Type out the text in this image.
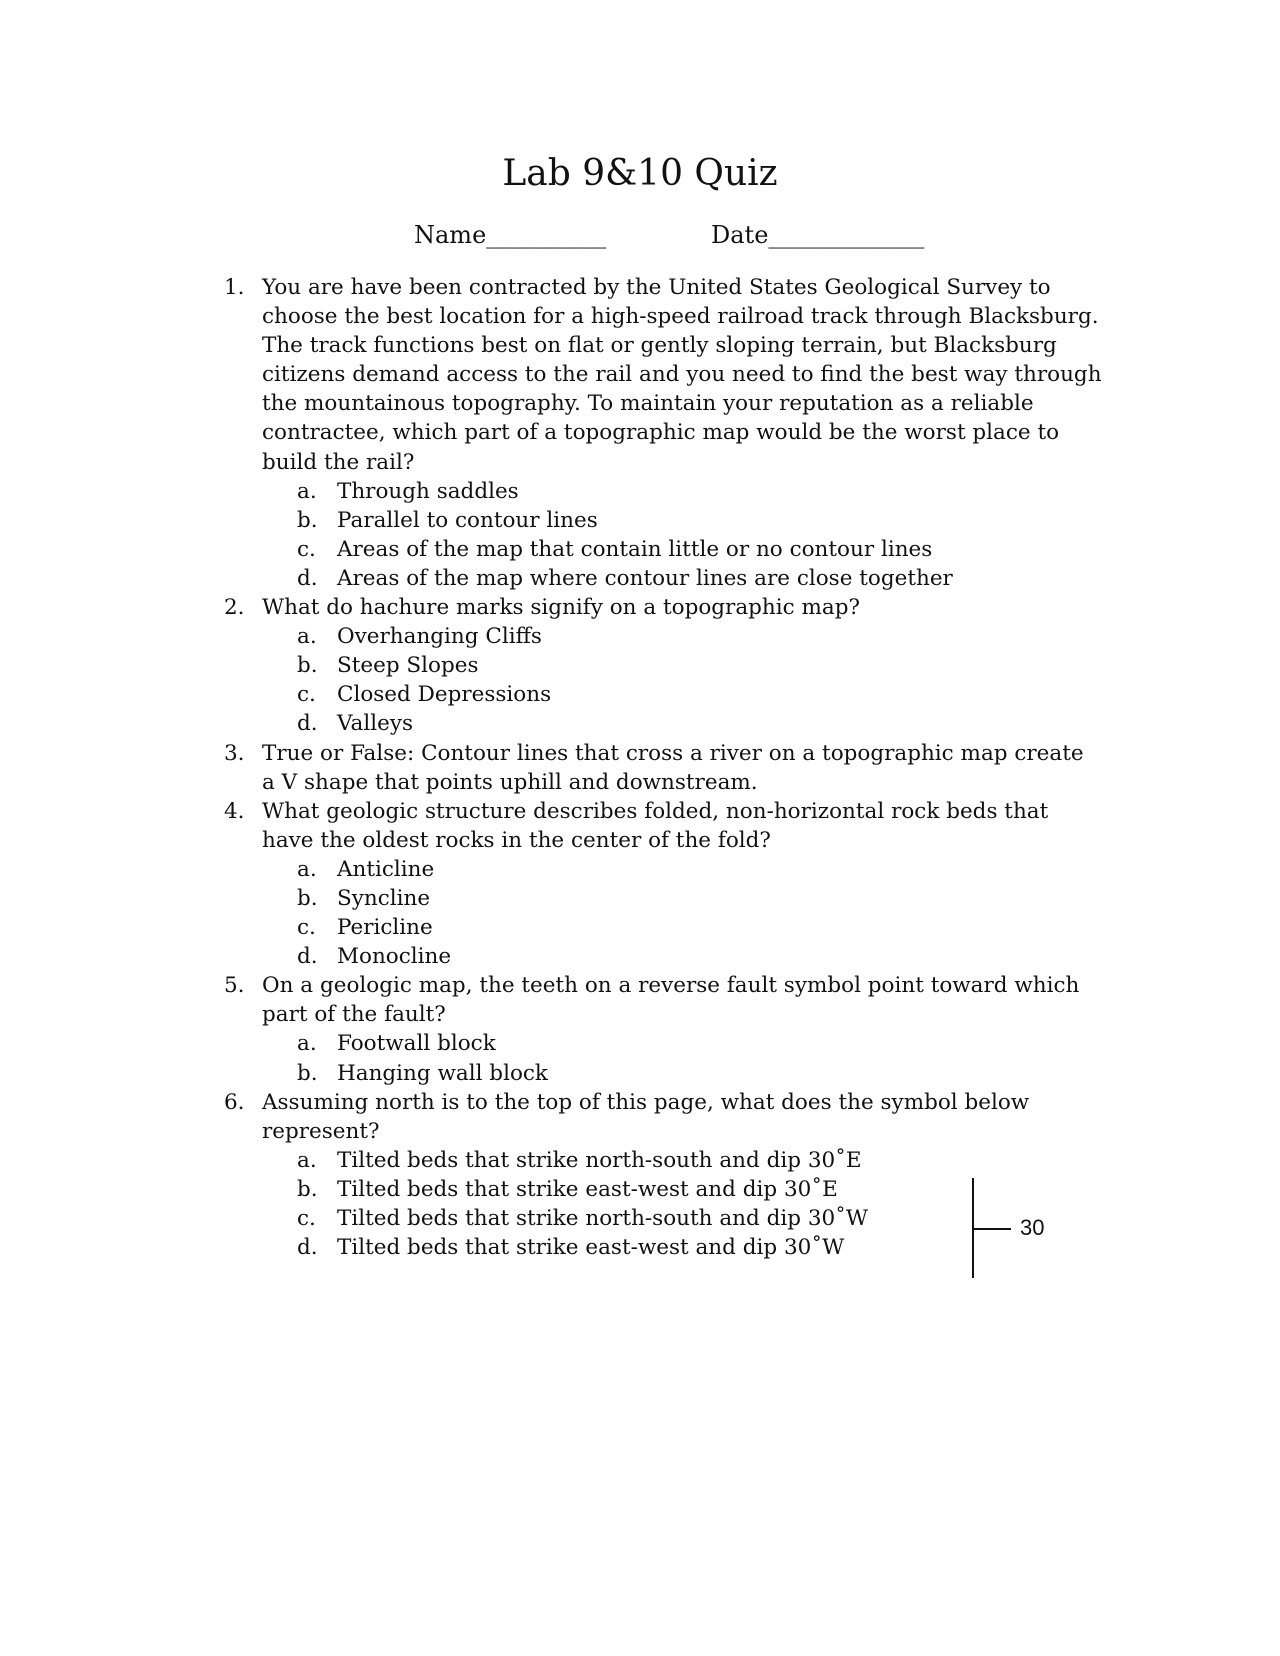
Lab 9&10 Quiz
Name__________	Date_____________
1. You are have been contracted by the United States Geological Survey to choose the best location for a high-speed railroad track through Blacksburg. The track functions best on flat or gently sloping terrain, but Blacksburg citizens demand access to the rail and you need to find the best way through the mountainous topography. To maintain your reputation as a reliable contractee, which part of a topographic map would be the worst place to build the rail?
a. Through saddles
b. Parallel to contour lines
c. Areas of the map that contain little or no contour lines
d. Areas of the map where contour lines are close together
2. What do hachure marks signify on a topographic map?
a. Overhanging Cliffs
b. Steep Slopes
c. Closed Depressions
d. Valleys
3. True or False: Contour lines that cross a river on a topographic map create a V shape that points uphill and downstream.
4. What geologic structure describes folded, non-horizontal rock beds that have the oldest rocks in the center of the fold?
a. Anticline
b. Syncline
c. Pericline
d. Monocline
5. On a geologic map, the teeth on a reverse fault symbol point toward which part of the fault?
a. Footwall block
b. Hanging wall block
6. Assuming north is to the top of this page, what does the symbol below represent?
a. Tilted beds that strike north-south and dip 30˚E
b. Tilted beds that strike east-west and dip 30˚E
c. Tilted beds that strike north-south and dip 30˚W
d. Tilted beds that strike east-west and dip 30˚W
30
